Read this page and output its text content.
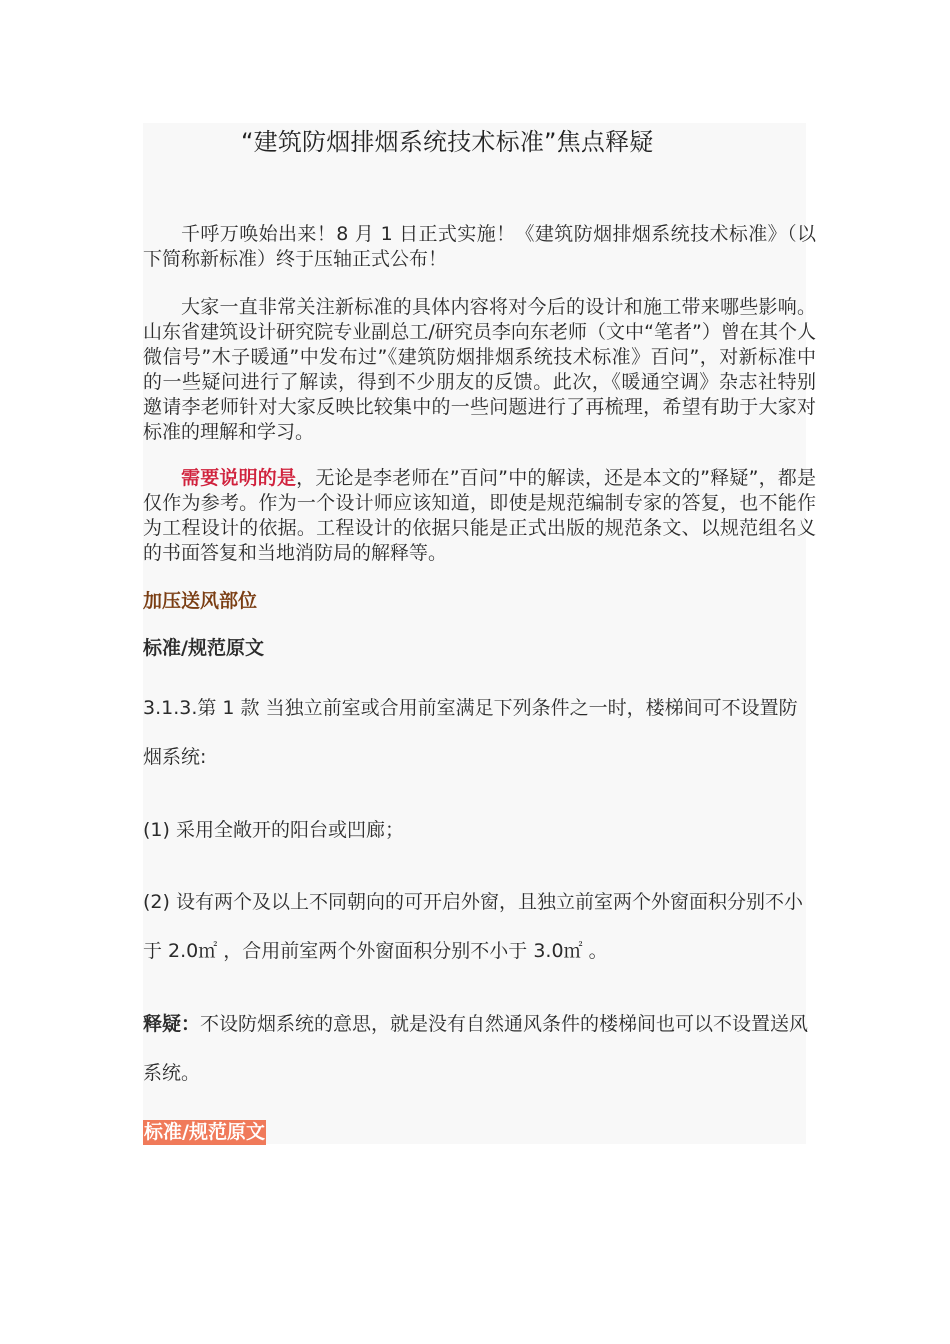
“建筑防烟排烟系统技术标准”焦点释疑

千呼万唤始出来！8 月 1 日正式实施！《建筑防烟排烟系统技术标准》（以下简称新标准）终于压轴正式公布！

大家一直非常关注新标准的具体内容将对今后的设计和施工带来哪些影响。山东省建筑设计研究院专业副总工/研究员李向东老师（文中“笔者”）曾在其个人微信号”木子暖通”中发布过”《建筑防烟排烟系统技术标准》百问”，对新标准中的一些疑问进行了解读，得到不少朋友的反馈。此次，《暖通空调》杂志社特别邀请李老师针对大家反映比较集中的一些问题进行了再梳理，希望有助于大家对标准的理解和学习。

需要说明的是，无论是李老师在”百问”中的解读，还是本文的”释疑”，都是仅作为参考。作为一个设计师应该知道，即使是规范编制专家的答复，也不能作为工程设计的依据。工程设计的依据只能是正式出版的规范条文、以规范组名义的书面答复和当地消防局的解释等。

加压送风部位
标准/规范原文

3.1.3.第 1 款 当独立前室或合用前室满足下列条件之一时，楼梯间可不设置防烟系统:

(1) 采用全敞开的阳台或凹廊；

(2) 设有两个及以上不同朝向的可开启外窗，且独立前室两个外窗面积分别不小于 2.0㎡ ，合用前室两个外窗面积分别不小于 3.0㎡ 。

释疑：不设防烟系统的意思，就是没有自然通风条件的楼梯间也可以不设置送风系统。

标准/规范原文
